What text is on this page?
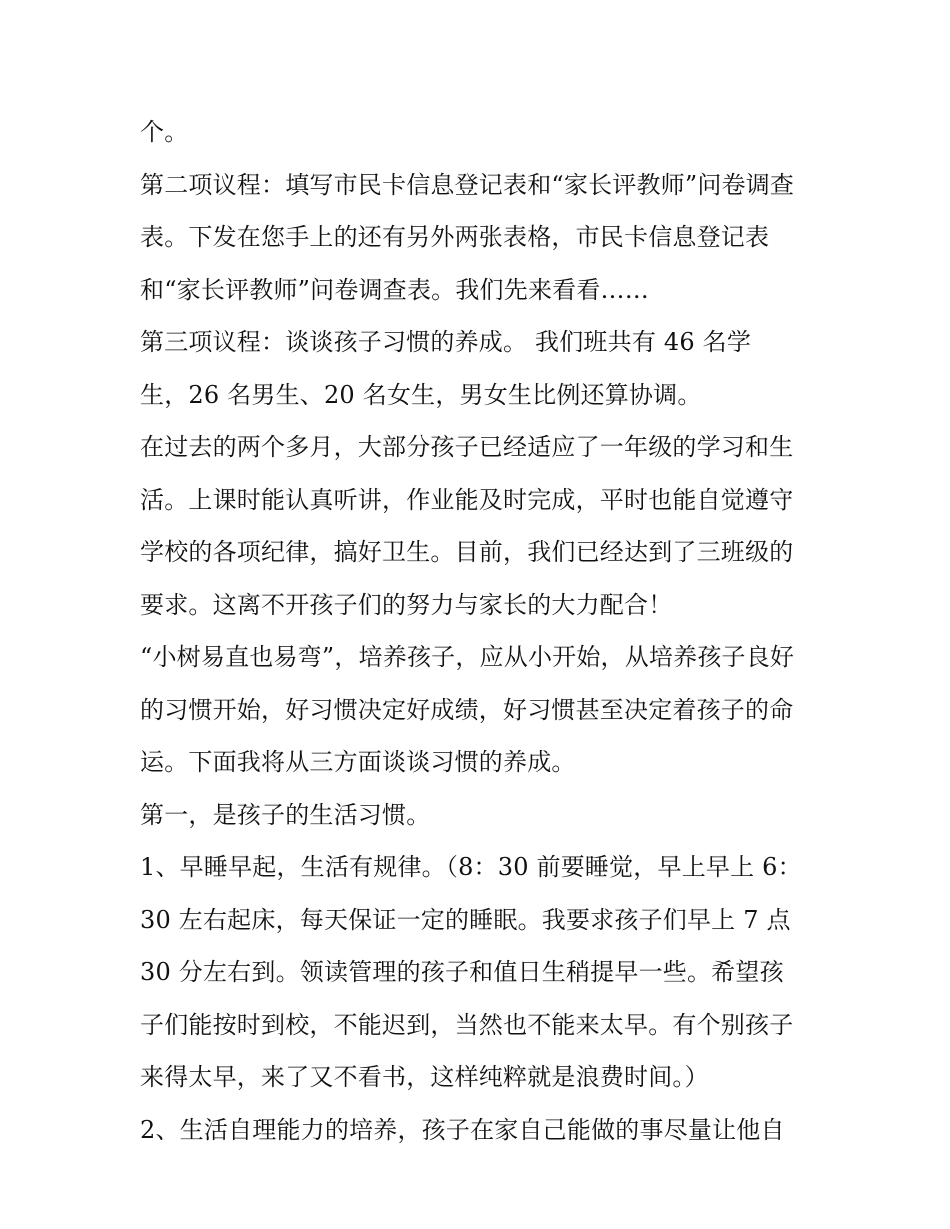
个。
第二项议程：填写市民卡信息登记表和“家长评教师”问卷调查
表。下发在您手上的还有另外两张表格，市民卡信息登记表
和“家长评教师”问卷调查表。我们先来看看……
第三项议程：谈谈孩子习惯的养成。 我们班共有 46 名学
生，26 名男生、20 名女生，男女生比例还算协调。
在过去的两个多月，大部分孩子已经适应了一年级的学习和生
活。上课时能认真听讲，作业能及时完成，平时也能自觉遵守
学校的各项纪律，搞好卫生。目前，我们已经达到了三班级的
要求。这离不开孩子们的努力与家长的大力配合！
“小树易直也易弯”，培养孩子，应从小开始，从培养孩子良好
的习惯开始，好习惯决定好成绩，好习惯甚至决定着孩子的命
运。下面我将从三方面谈谈习惯的养成。
第一，是孩子的生活习惯。
1、早睡早起，生活有规律。（8：30 前要睡觉，早上早上 6：
30 左右起床，每天保证一定的睡眠。我要求孩子们早上 7 点
30 分左右到。领读管理的孩子和值日生稍提早一些。希望孩
子们能按时到校，不能迟到，当然也不能来太早。有个别孩子
来得太早，来了又不看书，这样纯粹就是浪费时间。）
2、生活自理能力的培养，孩子在家自己能做的事尽量让他自
